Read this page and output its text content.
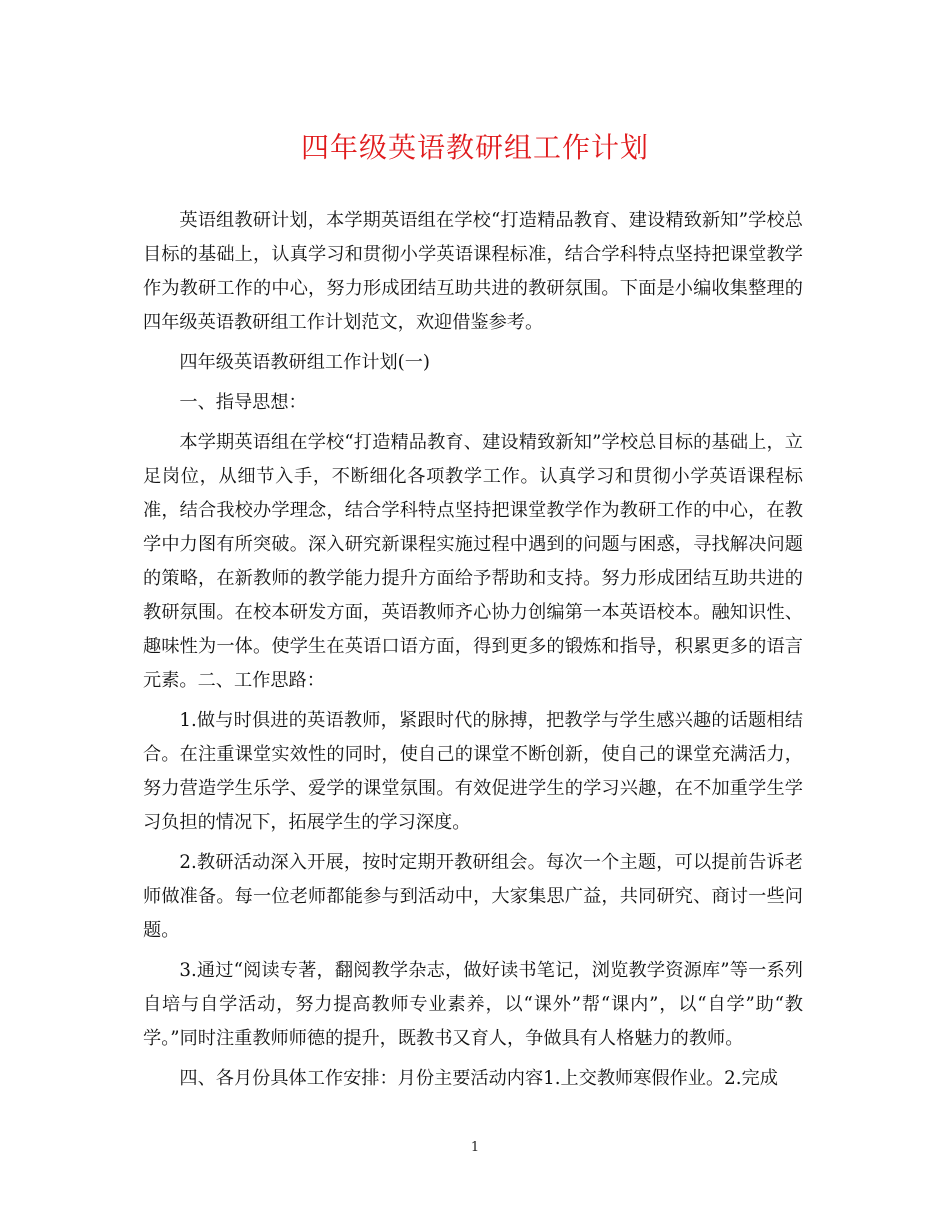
四年级英语教研组工作计划

英语组教研计划，本学期英语组在学校“打造精品教育、建设精致新知”学校总目标的基础上，认真学习和贯彻小学英语课程标准，结合学科特点坚持把课堂教学作为教研工作的中心，努力形成团结互助共进的教研氛围。下面是小编收集整理的四年级英语教研组工作计划范文，欢迎借鉴参考。

四年级英语教研组工作计划(一)

一、指导思想：

本学期英语组在学校“打造精品教育、建设精致新知”学校总目标的基础上，立足岗位，从细节入手，不断细化各项教学工作。认真学习和贯彻小学英语课程标准，结合我校办学理念，结合学科特点坚持把课堂教学作为教研工作的中心，在教学中力图有所突破。深入研究新课程实施过程中遇到的问题与困惑，寻找解决问题的策略，在新教师的教学能力提升方面给予帮助和支持。努力形成团结互助共进的教研氛围。在校本研发方面，英语教师齐心协力创编第一本英语校本。融知识性、趣味性为一体。使学生在英语口语方面，得到更多的锻炼和指导，积累更多的语言元素。二、工作思路：

1.做与时俱进的英语教师，紧跟时代的脉搏，把教学与学生感兴趣的话题相结合。在注重课堂实效性的同时，使自己的课堂不断创新，使自己的课堂充满活力，努力营造学生乐学、爱学的课堂氛围。有效促进学生的学习兴趣，在不加重学生学习负担的情况下，拓展学生的学习深度。

2.教研活动深入开展，按时定期开教研组会。每次一个主题，可以提前告诉老师做准备。每一位老师都能参与到活动中，大家集思广益，共同研究、商讨一些问题。

3.通过“阅读专著，翻阅教学杂志，做好读书笔记，浏览教学资源库”等一系列自培与自学活动，努力提高教师专业素养，以“课外”帮“课内”，以“自学”助“教学。”同时注重教师师德的提升，既教书又育人，争做具有人格魅力的教师。

四、各月份具体工作安排：月份主要活动内容1.上交教师寒假作业。2.完成

1
